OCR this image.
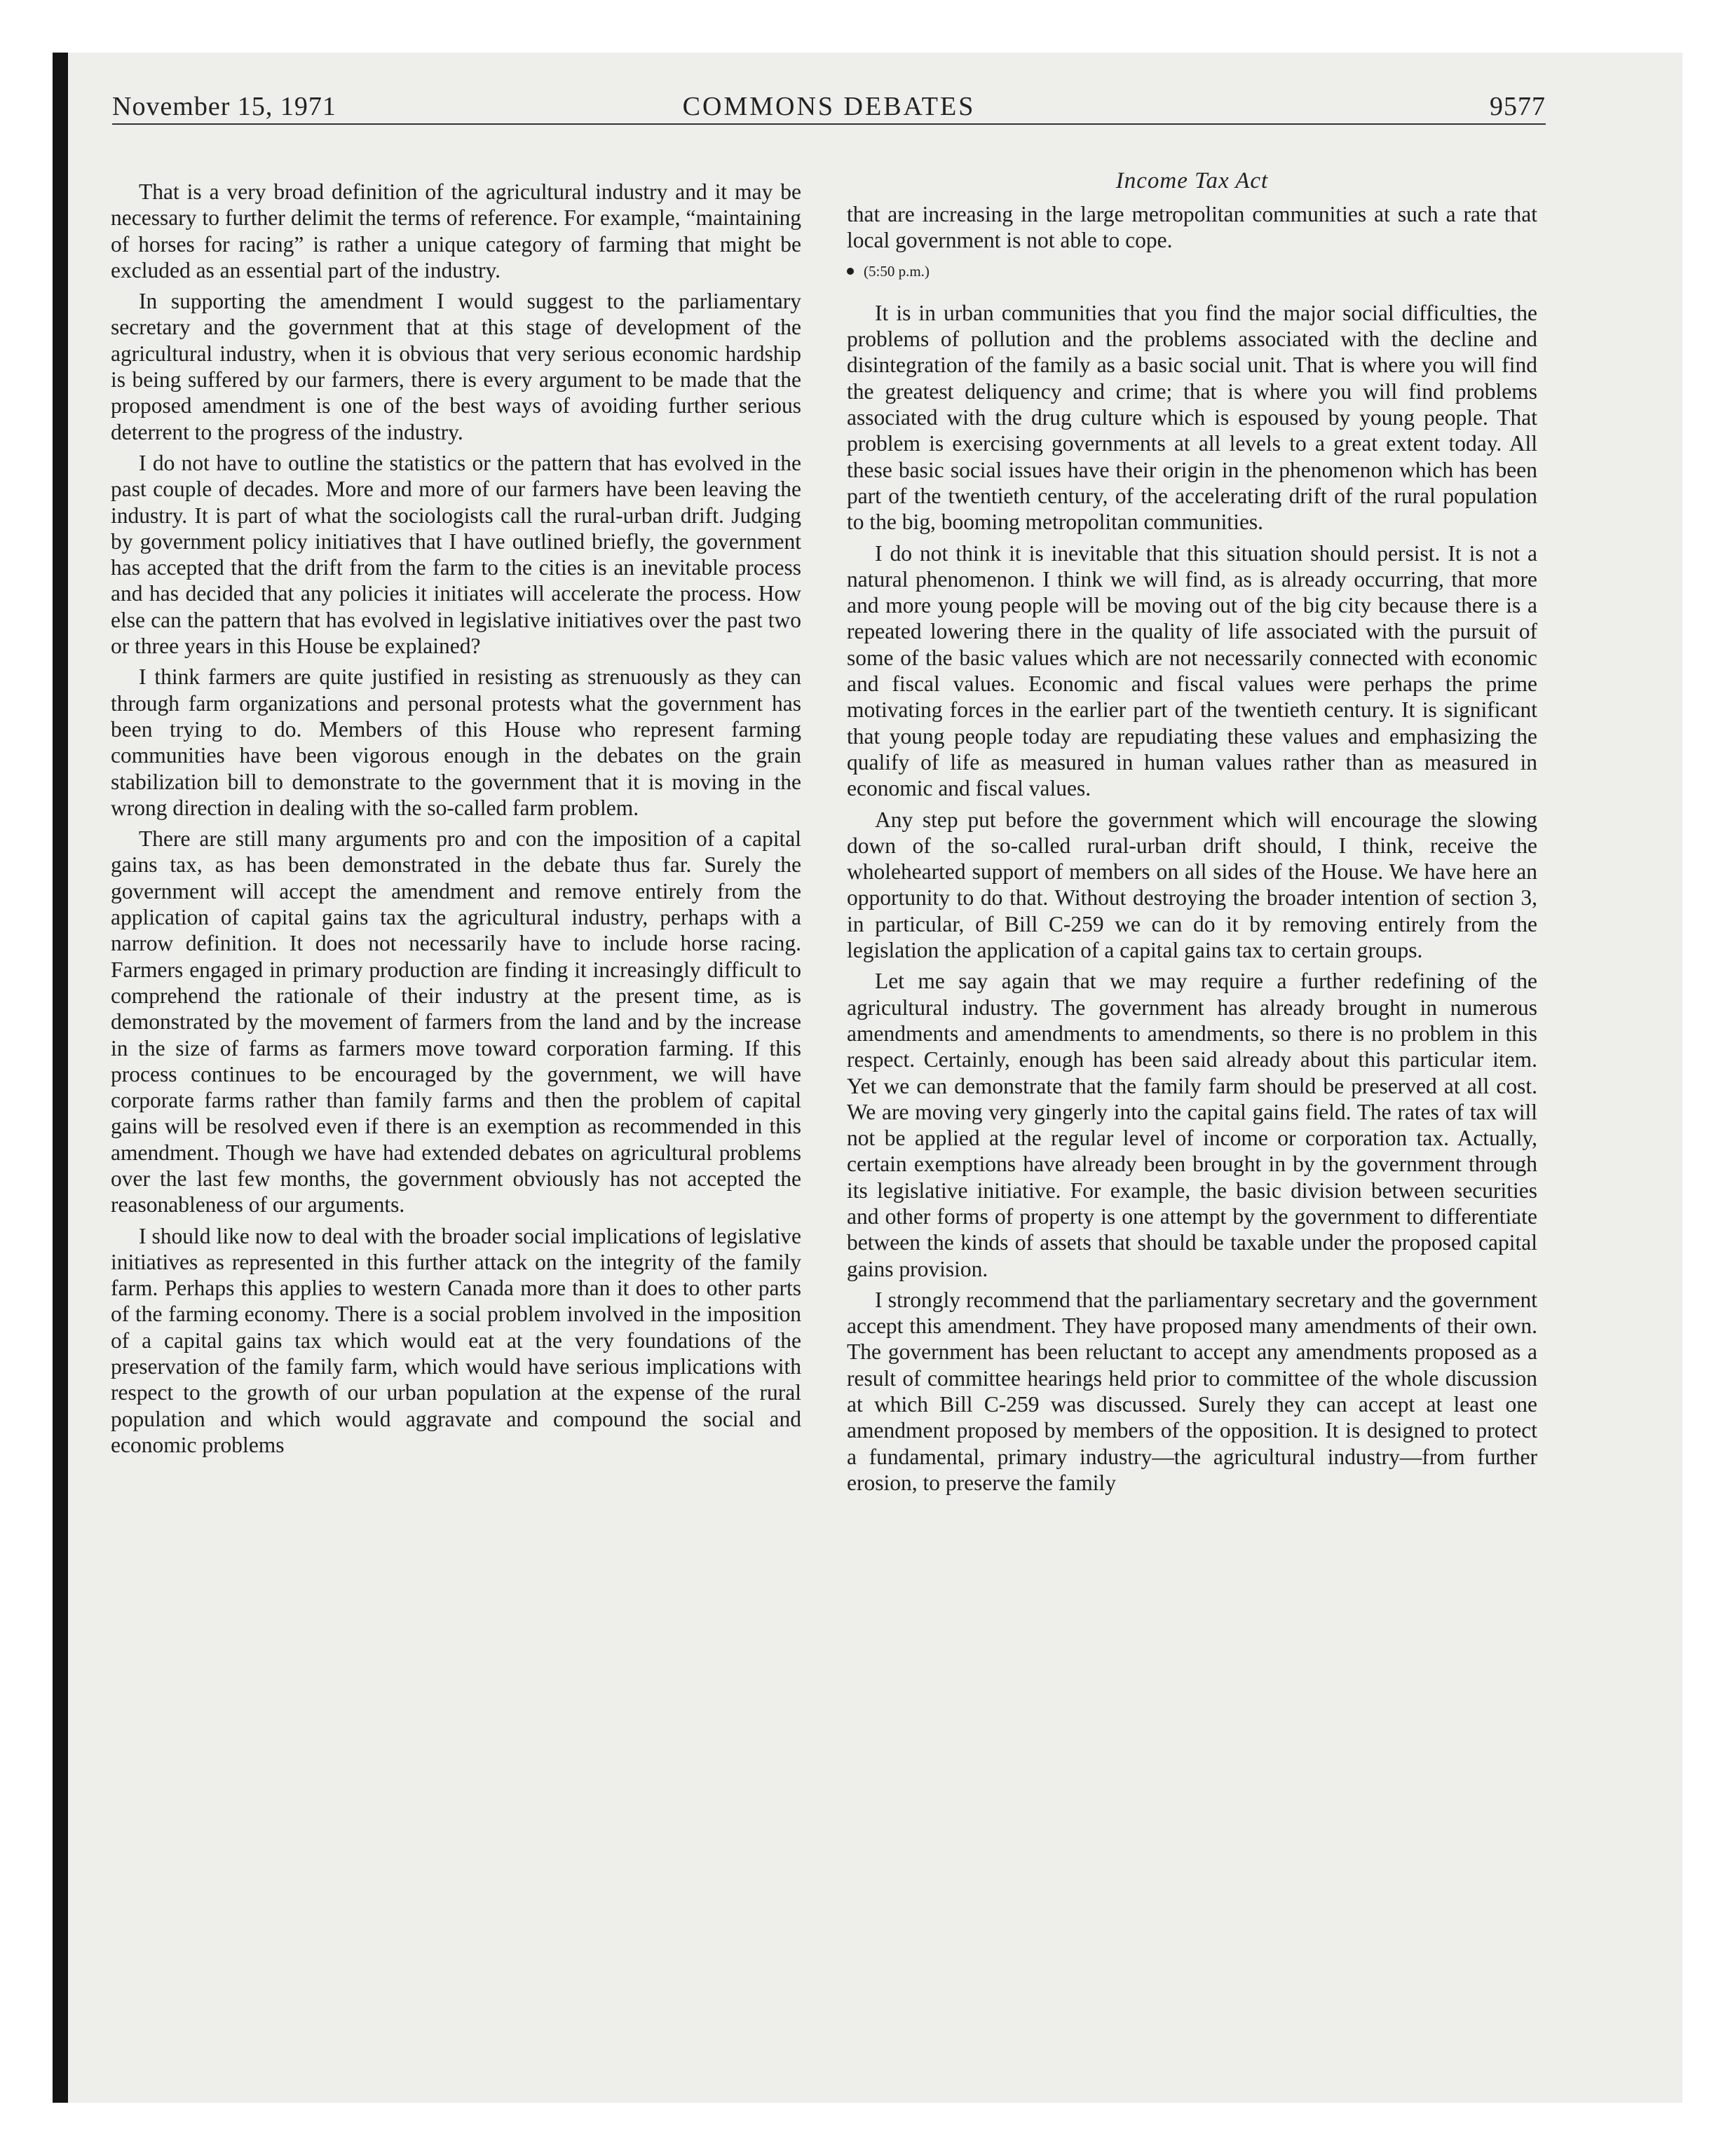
November 15, 1971	COMMONS DEBATES	9577
Income Tax Act

That is a very broad definition of the agricultural industry and it may be necessary to further delimit the terms of reference. For example, “maintaining of horses for racing” is rather a unique category of farming that might be excluded as an essential part of the industry.

In supporting the amendment I would suggest to the parliamentary secretary and the government that at this stage of development of the agricultural industry, when it is obvious that very serious economic hardship is being suffered by our farmers, there is every argument to be made that the proposed amendment is one of the best ways of avoiding further serious deterrent to the progress of the industry.

I do not have to outline the statistics or the pattern that has evolved in the past couple of decades. More and more of our farmers have been leaving the industry. It is part of what the sociologists call the rural-urban drift. Judging by government policy initiatives that I have outlined briefly, the government has accepted that the drift from the farm to the cities is an inevitable process and has decided that any policies it initiates will accelerate the process. How else can the pattern that has evolved in legislative initiatives over the past two or three years in this House be explained?

I think farmers are quite justified in resisting as strenuously as they can through farm organizations and personal protests what the government has been trying to do. Members of this House who represent farming communities have been vigorous enough in the debates on the grain stabilization bill to demonstrate to the government that it is moving in the wrong direction in dealing with the so-called farm problem.

There are still many arguments pro and con the imposition of a capital gains tax, as has been demonstrated in the debate thus far. Surely the government will accept the amendment and remove entirely from the application of capital gains tax the agricultural industry, perhaps with a narrow definition. It does not necessarily have to include horse racing. Farmers engaged in primary production are finding it increasingly difficult to comprehend the rationale of their industry at the present time, as is demonstrated by the movement of farmers from the land and by the increase in the size of farms as farmers move toward corporation farming. If this process continues to be encouraged by the government, we will have corporate farms rather than family farms and then the problem of capital gains will be resolved even if there is an exemption as recommended in this amendment. Though we have had extended debates on agricultural problems over the last few months, the government obviously has not accepted the reasonableness of our arguments.

I should like now to deal with the broader social implications of legislative initiatives as represented in this further attack on the integrity of the family farm. Perhaps this applies to western Canada more than it does to other parts of the farming economy. There is a social problem involved in the imposition of a capital gains tax which would eat at the very foundations of the preservation of the family farm, which would have serious implications with respect to the growth of our urban population at the expense of the rural population and which would aggravate and compound the social and economic problems

that are increasing in the large metropolitan communities at such a rate that local government is not able to cope.

(5:50 p.m.)

It is in urban communities that you find the major social difficulties, the problems of pollution and the problems associated with the decline and disintegration of the family as a basic social unit. That is where you will find the greatest deliquency and crime; that is where you will find problems associated with the drug culture which is espoused by young people. That problem is exercising governments at all levels to a great extent today. All these basic social issues have their origin in the phenomenon which has been part of the twentieth century, of the accelerating drift of the rural population to the big, booming metropolitan communities.

I do not think it is inevitable that this situation should persist. It is not a natural phenomenon. I think we will find, as is already occurring, that more and more young people will be moving out of the big city because there is a repeated lowering there in the quality of life associated with the pursuit of some of the basic values which are not necessarily connected with economic and fiscal values. Economic and fiscal values were perhaps the prime motivating forces in the earlier part of the twentieth century. It is significant that young people today are repudiating these values and emphasizing the qualify of life as measured in human values rather than as measured in economic and fiscal values.

Any step put before the government which will encourage the slowing down of the so-called rural-urban drift should, I think, receive the wholehearted support of members on all sides of the House. We have here an opportunity to do that. Without destroying the broader intention of section 3, in particular, of Bill C-259 we can do it by removing entirely from the legislation the application of a capital gains tax to certain groups.

Let me say again that we may require a further redefining of the agricultural industry. The government has already brought in numerous amendments and amendments to amendments, so there is no problem in this respect. Certainly, enough has been said already about this particular item. Yet we can demonstrate that the family farm should be preserved at all cost. We are moving very gingerly into the capital gains field. The rates of tax will not be applied at the regular level of income or corporation tax. Actually, certain exemptions have already been brought in by the government through its legislative initiative. For example, the basic division between securities and other forms of property is one attempt by the government to differentiate between the kinds of assets that should be taxable under the proposed capital gains provision.

I strongly recommend that the parliamentary secretary and the government accept this amendment. They have proposed many amendments of their own. The government has been reluctant to accept any amendments proposed as a result of committee hearings held prior to committee of the whole discussion at which Bill C-259 was discussed. Surely they can accept at least one amendment proposed by members of the opposition. It is designed to protect a fundamental, primary industry—the agricultural industry—from further erosion, to preserve the family
